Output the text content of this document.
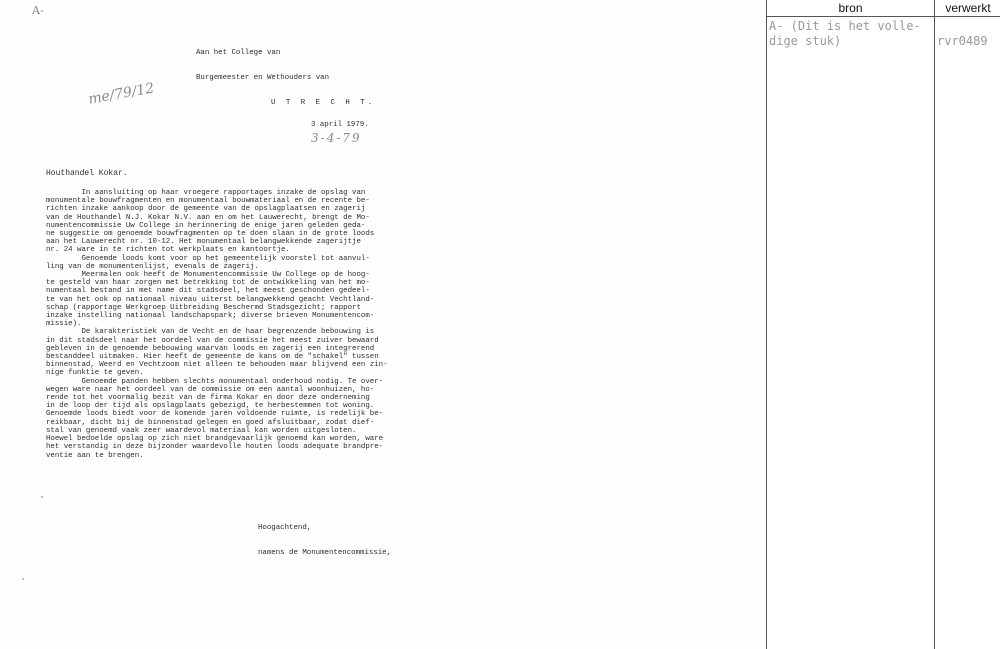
A-

Aan het College van

Burgemeester en Wethouders van

U T R E C H T.

me/79/12
3 april 1979.
3-4-79
Houthandel Kokar.
In aansluiting op haar vroegere rapportages inzake de opslag van
monumentale bouwfragmenten en monumentaal bouwmateriaal en de recente be-
richten inzake aankoop door de gemeente van de opslagplaatsen en zagerij
van de Houthandel N.J. Kokar N.V. aan en om het Lauwerecht, brengt de Mo-
numentencommissie Uw College in herinnering de enige jaren geleden geda-
ne suggestie om genoemde bouwfragmenten op te doen slaan in de grote loods
aan het Lauwerecht nr. 10-12. Het monumentaal belangwekkende zagerijtje
nr. 24 ware in te richten tot werkplaats en kantoortje.
Genoemde loods komt voor op het gemeentelijk voorstel tot aanvul-
ling van de monumentenlijst, evenals de zagerij.
Meermalen ook heeft de Monumentencommissie Uw College op de hoog-
te gesteld van haar zorgen met betrekking tot de ontwikkeling van het mo-
numentaal bestand in met name dit stadsdeel, het meest geschonden gedeel-
te van het ook op nationaal niveau uiterst belangwekkend geacht Vechtland-
schap (rapportage Werkgroep Uitbreiding Beschermd Stadsgezicht; rapport
inzake instelling nationaal landschapspark; diverse brieven Monumentencom-
missie).
De karakteristiek van de Vecht en de haar begrenzende bebouwing is
in dit stadsdeel naar het oordeel van de commissie het meest zuiver bewaard
gebleven in de genoemde bebouwing waarvan loods en zagerij een integrerend
bestanddeel uitmaken. Hier heeft de gemeente de kans om de "schakel" tussen
binnenstad, Weerd en Vechtzoom niet alleen te behouden maar blijvend een zin-
nige funktie te geven.
Genoemde panden hebben slechts monumentaal onderhoud nodig. Te over-
wegen ware naar het oordeel van de commissie om een aantal woonhuizen, ho-
rende tot het voormalig bezit van de firma Kokar en door deze onderneming
in de loop der tijd als opslagplaats gebezigd, te herbestemmen tot woning.
Genoemde loods biedt voor de komende jaren voldoende ruimte, is redelijk be-
reikbaar, dicht bij de binnenstad gelegen en goed afsluitbaar, zodat dief-
stal van genoemd vaak zeer waardevol materiaal kan worden uitgesloten.
Hoewel bedoelde opslag op zich niet brandgevaarlijk genoemd kan worden, ware
het verstandig in deze bijzonder waardevolle houten loods adequate brandpre-
ventie aan te brengen.

Hoogachtend,

namens de Monumentencommissie,

bron	verwerkt
A- (Dit is het volle-
dige stuk)	rvr0489
